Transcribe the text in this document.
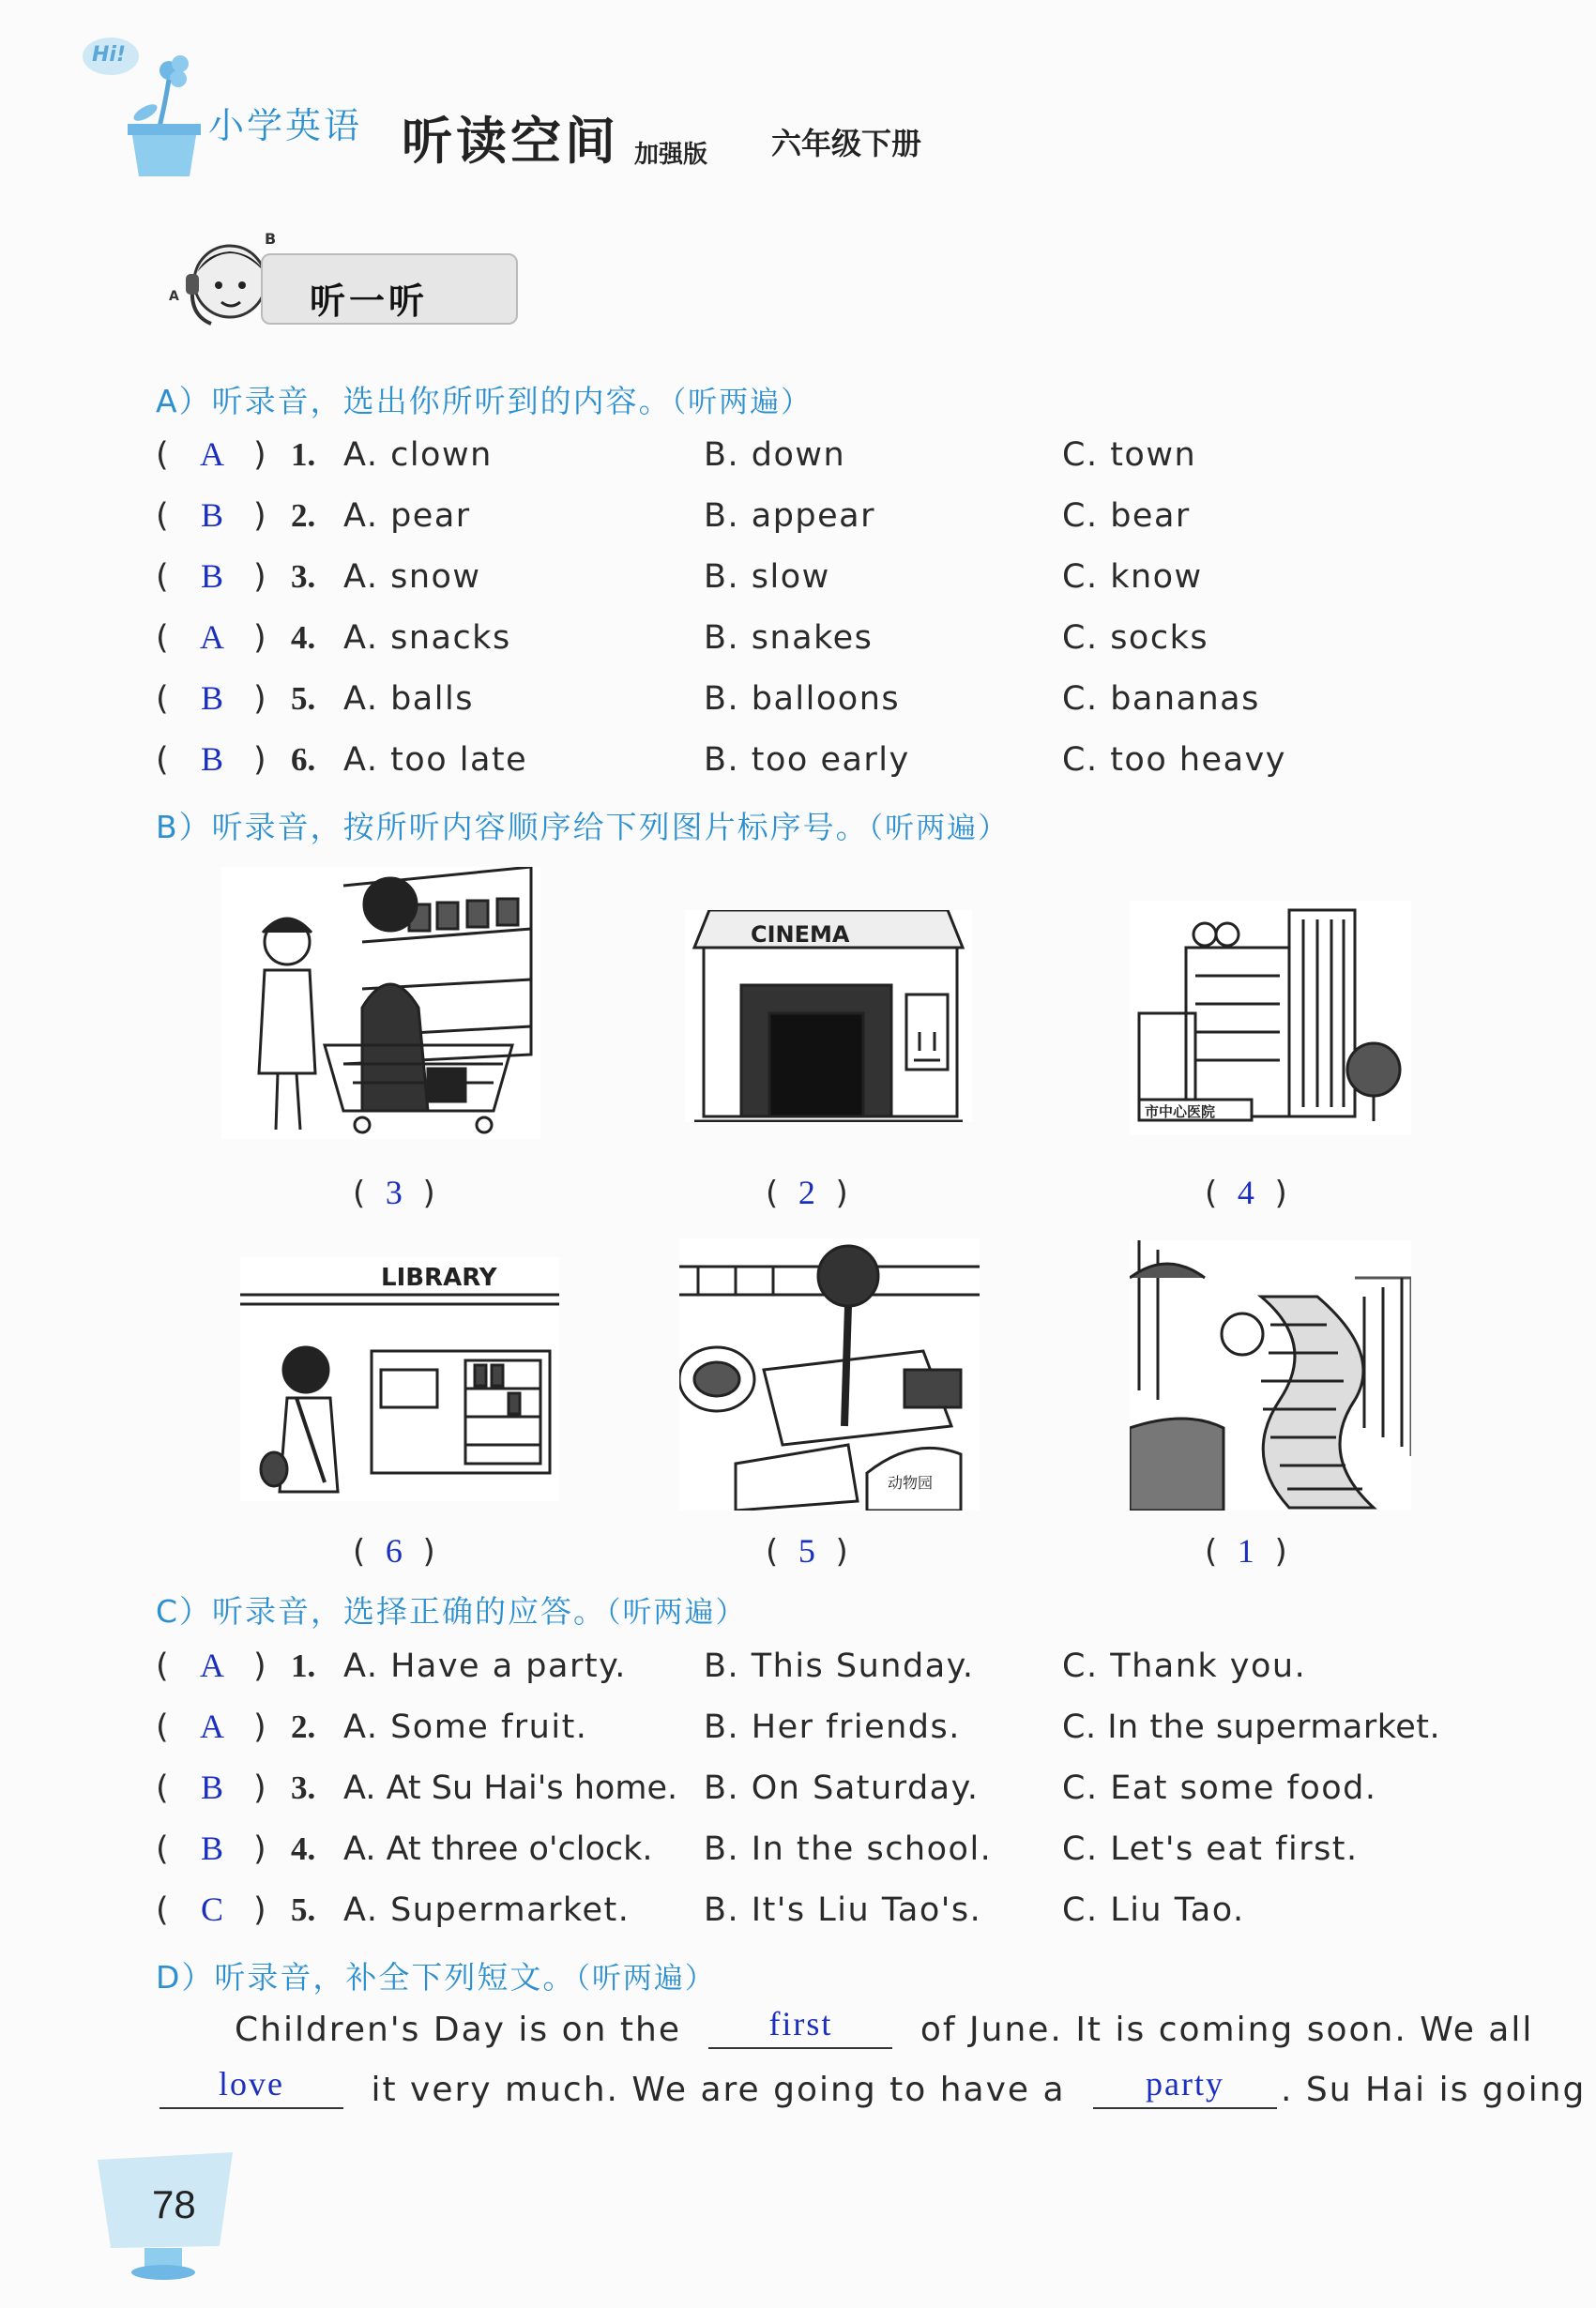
Hi!
小学英语 听读空间 加强版 六年级下册
B
A	听一听
A）听录音，选出你所听到的内容。（听两遍）
( A ) 1. A. clown	B. down	C. town
( B ) 2. A. pear	B. appear	C. bear
( B ) 3. A. snow	B. slow	C. know
( A ) 4. A. snacks	B. snakes	C. socks
( B ) 5. A. balls	B. balloons	C. bananas
( B ) 6. A. too late	B. too early	C. too heavy
B）听录音，按所听内容顺序给下列图片标序号。（听两遍）
(  3  )
CINEMA
(  2  )
市中心医院
(  4  )
LIBRARY
(  6  )
动物园
(  5  )	(  1  )
C）听录音，选择正确的应答。（听两遍）
( A ) 1. A. Have a party. B. This Sunday.	C. Thank you.
( A ) 2. A. Some fruit.	B. Her friends.	C. In the supermarket.
( B ) 3. A. At Su Hai's home. B. On Saturday.	C. Eat some food.
( B ) 4. A. At three o'clock. B. In the school. C. Let's eat first.
( C ) 5. A. Supermarket. B. It's Liu Tao's. C. Liu Tao.
D）听录音，补全下列短文。（听两遍）
Children's Day is on the	first	of June. It is coming soon. We all
love	it very much. We are going to have a	party	. Su Hai is going
78
